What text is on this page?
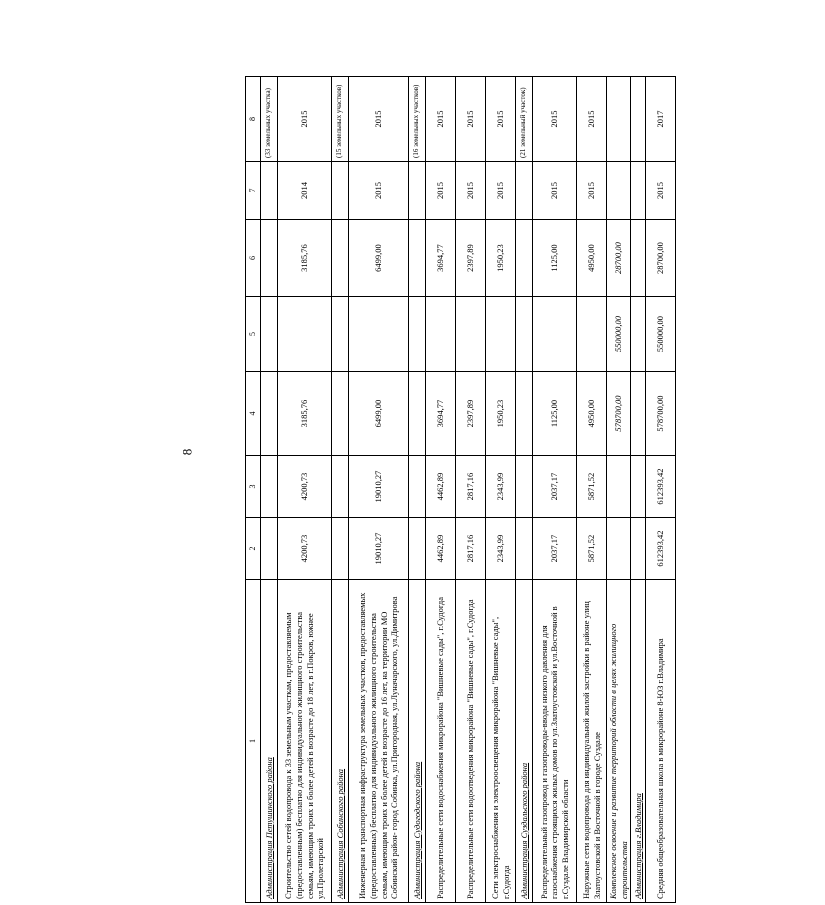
8
1	2	3	4	5	6	7	8
Администрация Петушинского района							(33 земельных участка)

Строительство сетей водопровода к 33 земельным участкам, предоставляемым (предоставленным) бесплатно для индивидуального жилищного строительства семьям, имеющим троих и более детей в возрасте до 18 лет, в г.Покров, южнее ул.Пролетарской	4200,73	4200,73	3185,76		3185,76	2014	2015
Администрация Собинского района							(15 земельных участков)

Инженерная и транспортная инфраструктура земельных участков, предоставляемых (предоставленных) бесплатно для индивидуального жилищного строительства семьям, имеющим троих и более детей в возрасте до 16 лет, на территории МО Собинский район- город Собинка, ул.Пригородная, ул.Луначарского, ул.Димитрова	19010,27	19010,27	6499,00		6499,00	2015	2015
Администрация Судогодского района							(16 земельных участков)

Распределительные сети водоснабжения микрорайона "Вишневые сады", г.Судогда	4462,89	4462,89	3694,77		3694,77	2015	2015
Распределительные сети водоотведения микрорайона "Вишневые сады", г.Судогда	2817,16	2817,16	2397,89		2397,89	2015	2015
Сети электроснабжения и электроосвещения микрорайона "Вишневые сады", г.Судогда	2343,99	2343,99	1950,23		1950,23	2015	2015
Администрация Суздальского района							(21 земельный участок)

Распределительный газопровод и газопроводы-вводы низкого давления для газоснабжения строящихся жилых домов по ул.Златоустовской и ул.Восточной в г.Суздале Владимирской области	2037,17	2037,17	1125,00		1125,00	2015	2015
Наружные сети водопровода для индивидуальной жилой застройки в районе улиц Златоустовской и Восточной в городе Суздале	5871,52	5871,52	4950,00		4950,00	2015	2015
Комплексное освоение и развитие территорий области в целях жилищного строительства			578700,00	550000,00	28700,00		
Администрация г.Владимира							
Средняя общеобразовательная школа в микрорайоне 8-ЮЗ г.Владимира	612393,42	612393,42	578700,00	550000,00	28700,00	2015	2017
